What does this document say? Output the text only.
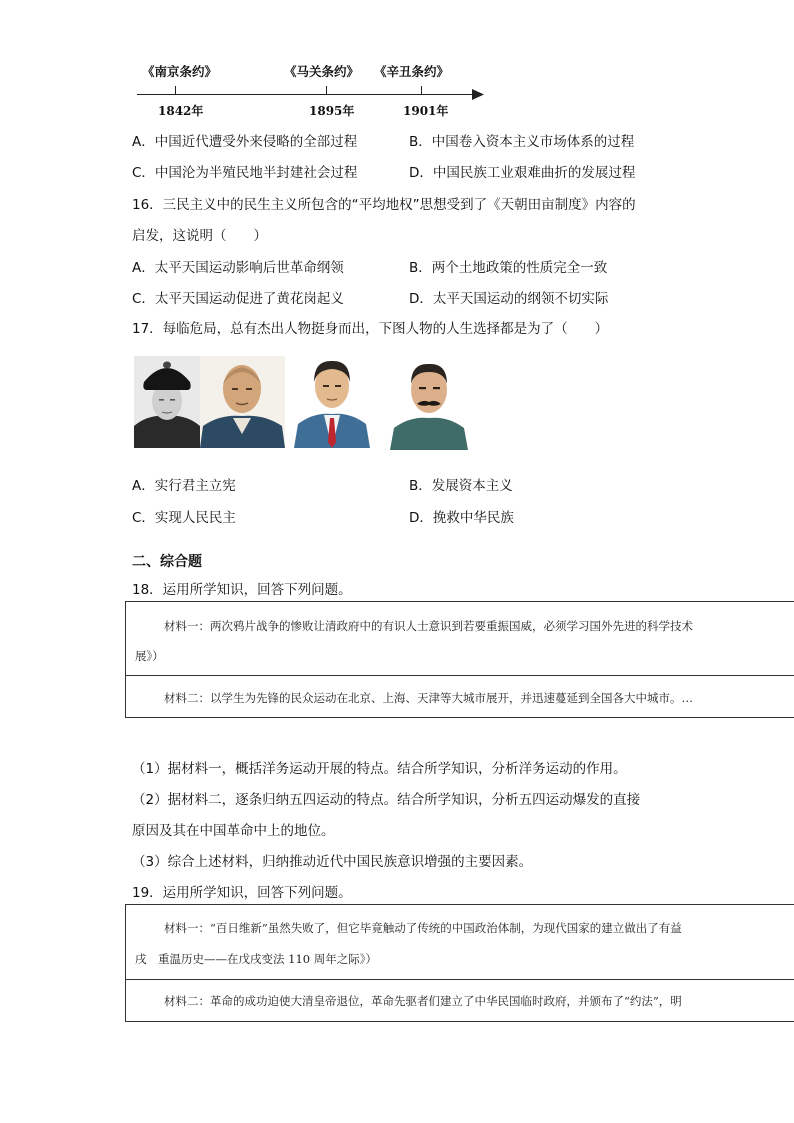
《南京条约》	《马关条约》 《辛丑条约》
1842年	1895年	1901年
A．中国近代遭受外来侵略的全部过程	B．中国卷入资本主义市场体系的过程
C．中国沦为半殖民地半封建社会过程	D．中国民族工业艰难曲折的发展过程
16．三民主义中的民生主义所包含的“平均地权”思想受到了《天朝田亩制度》内容的
启发，这说明（　　）
A．太平天国运动影响后世革命纲领	B．两个土地政策的性质完全一致
C．太平天国运动促进了黄花岗起义	D．太平天国运动的纲领不切实际
17．每临危局，总有杰出人物挺身而出，下图人物的人生选择都是为了（　　）
A．实行君主立宪	B．发展资本主义
C．实现人民民主	D．挽救中华民族
二、综合题
18．运用所学知识，回答下列问题。
材料一：两次鸦片战争的惨败让清政府中的有识人士意识到若要重振国威，必须学习国外先进的科学技术
展》）
材料二：以学生为先锋的民众运动在北京、上海、天津等大城市展开，并迅速蔓延到全国各大中城市。…
（1）据材料一，概括洋务运动开展的特点。结合所学知识，分析洋务运动的作用。
（2）据材料二，逐条归纳五四运动的特点。结合所学知识，分析五四运动爆发的直接
原因及其在中国革命中上的地位。
（3）综合上述材料，归纳推动近代中国民族意识增强的主要因素。
19．运用所学知识，回答下列问题。
材料一：“百日维新”虽然失败了，但它毕竟触动了传统的中国政治体制，为现代国家的建立做出了有益
戌　重温历史——在戊戌变法 110 周年之际》）
材料二：革命的成功迫使大清皇帝退位，革命先驱者们建立了中华民国临时政府，并颁布了“约法”，明
